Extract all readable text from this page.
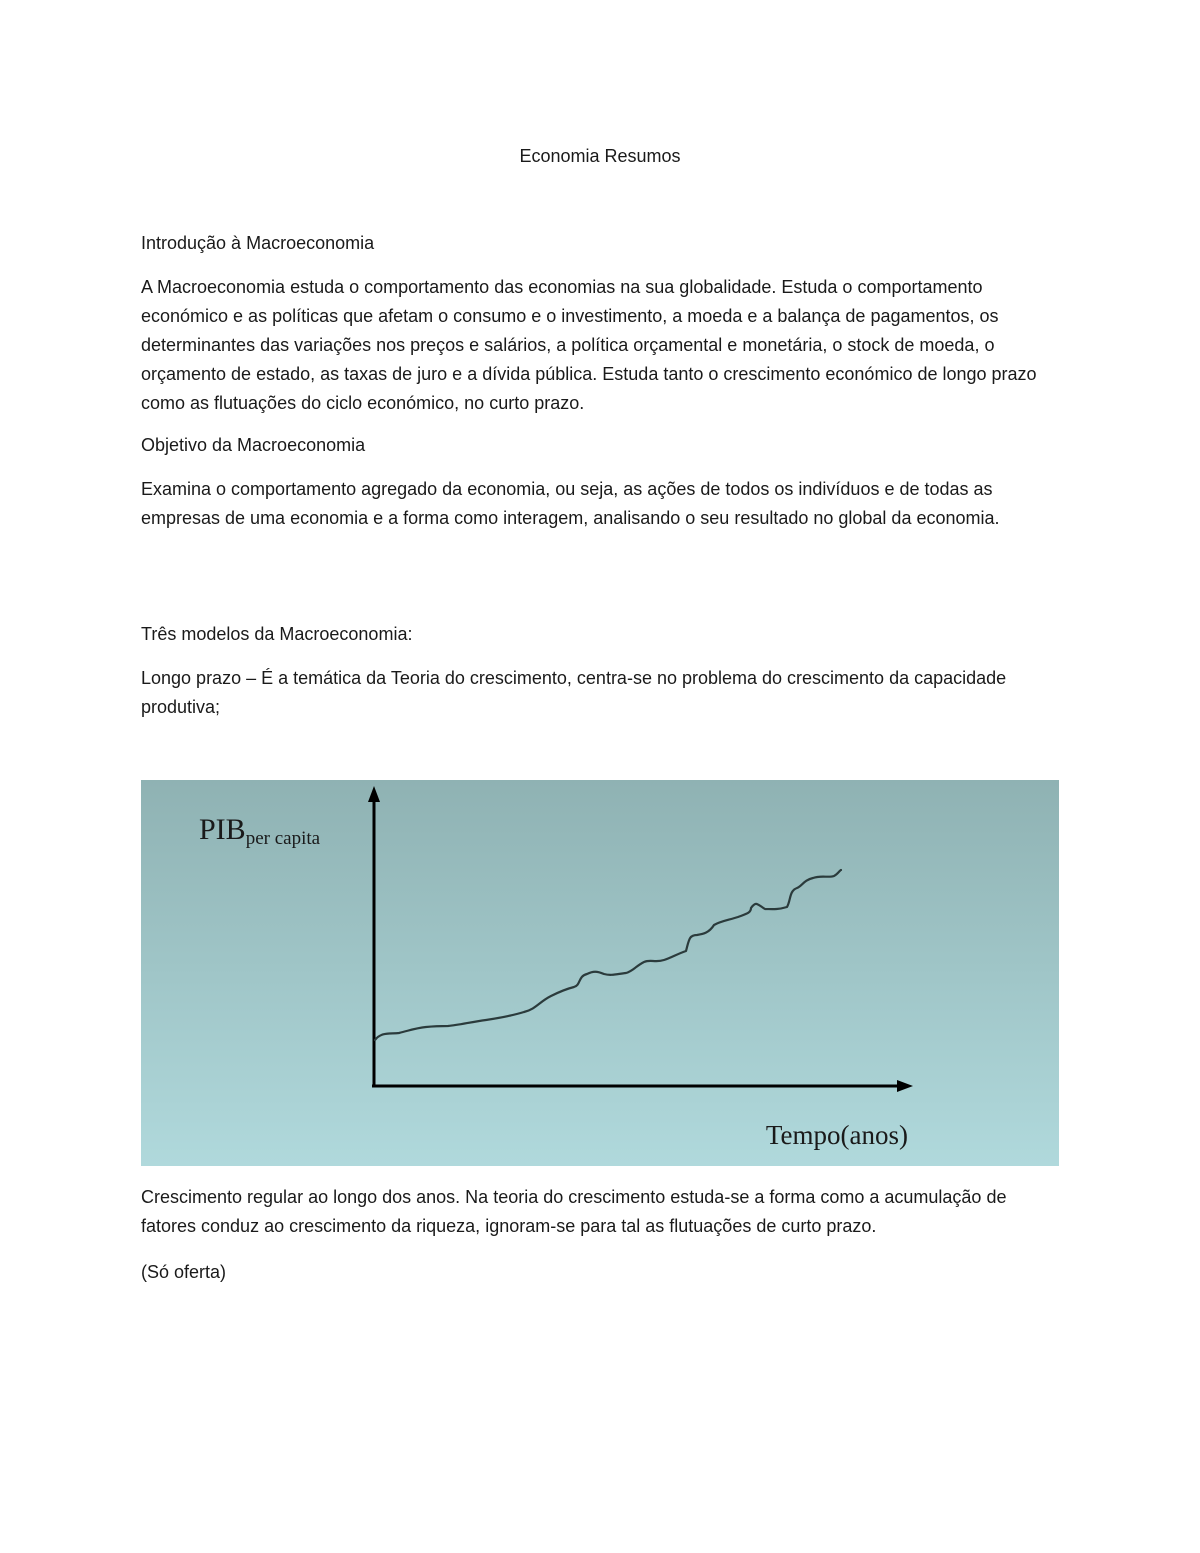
Economia Resumos
Introdução à Macroeconomia
A Macroeconomia estuda o comportamento das economias na sua globalidade. Estuda o comportamento económico e as políticas que afetam o consumo e o investimento, a moeda e a balança de pagamentos, os determinantes das variações nos preços e salários, a política orçamental e monetária, o stock de moeda, o orçamento de estado, as taxas de juro e a dívida pública. Estuda tanto o crescimento económico de longo prazo como as flutuações do ciclo económico, no curto prazo.
Objetivo da Macroeconomia
Examina o comportamento agregado da economia, ou seja, as ações de todos os indivíduos e de todas as empresas de uma economia e a forma como interagem, analisando o seu resultado no global da economia.
Três modelos da Macroeconomia:
Longo prazo – É a temática da Teoria do crescimento, centra-se no problema do crescimento da capacidade produtiva;
PIBper capita
Tempo(anos)
Crescimento regular ao longo dos anos. Na teoria do crescimento estuda-se a forma como a acumulação de fatores conduz ao crescimento da riqueza, ignoram-se para tal as flutuações de curto prazo.
(Só oferta)
